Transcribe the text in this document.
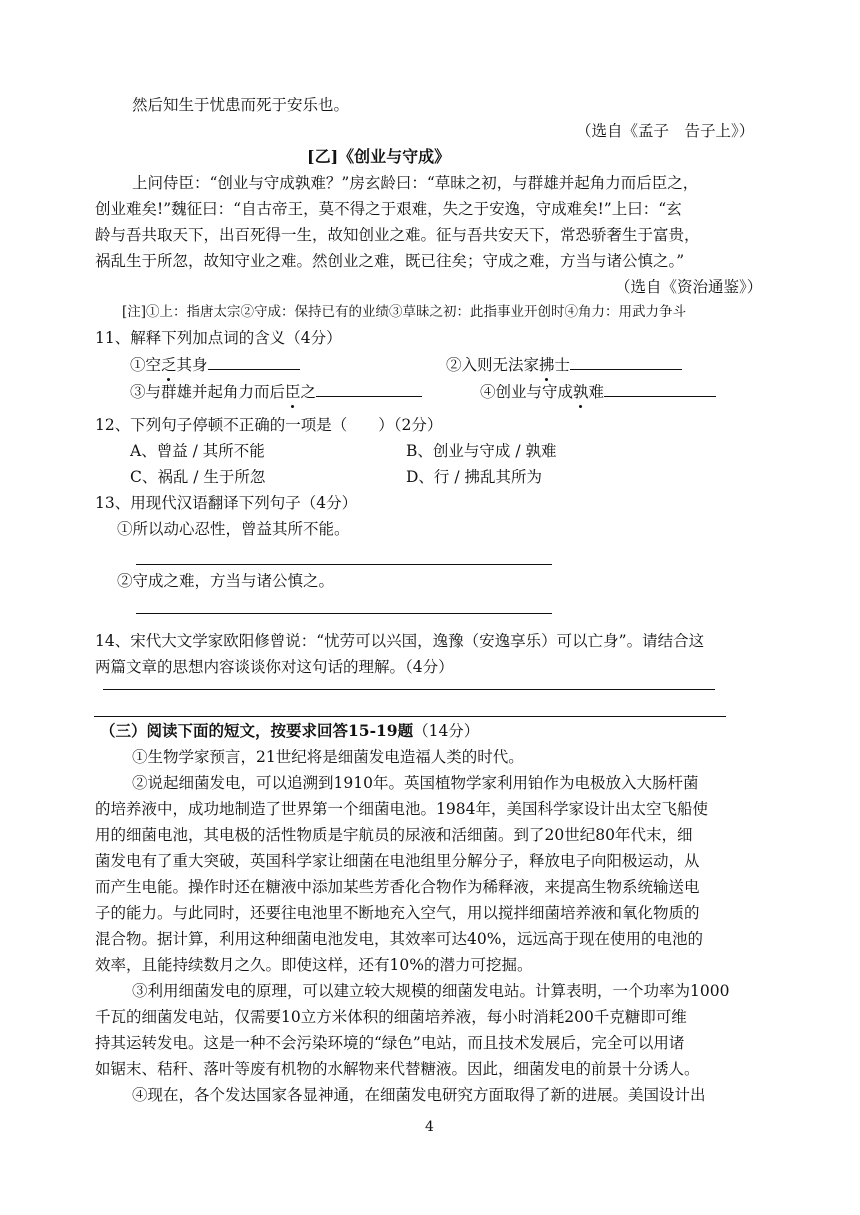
然后知生于忧患而死于安乐也。
（选自《孟子　告子上》）
[乙]《创业与守成》
上问侍臣：“创业与守成孰难？”房玄龄曰：“草昧之初，与群雄并起角力而后臣之，
创业难矣!”魏征曰：“自古帝王，莫不得之于艰难，失之于安逸，守成难矣!”上曰：“玄
龄与吾共取天下，出百死得一生，故知创业之难。征与吾共安天下，常恐骄奢生于富贵，
祸乱生于所忽，故知守业之难。然创业之难，既已往矣；守成之难，方当与诸公慎之。”
（选自《资治通鉴》）
[注]①上：指唐太宗②守成：保持已有的业绩③草昧之初：此指事业开创时④角力：用武力争斗
11、解释下列加点词的含义（4分）
①空乏其身	②入则无法家拂士
③与群雄并起角力而后臣之	④创业与守成孰难
12、下列句子停顿不正确的一项是（　　）（2分）
A、曾益 / 其所不能	B、创业与守成 / 孰难
C、祸乱 / 生于所忽	D、行 / 拂乱其所为
13、用现代汉语翻译下列句子（4分）
①所以动心忍性，曾益其所不能。
②守成之难，方当与诸公慎之。
14、宋代大文学家欧阳修曾说：“忧劳可以兴国，逸豫（安逸享乐）可以亡身”。请结合这
两篇文章的思想内容谈谈你对这句话的理解。（4分）
（三）阅读下面的短文，按要求回答15-19题（14分）
①生物学家预言，21世纪将是细菌发电造福人类的时代。
②说起细菌发电，可以追溯到1910年。英国植物学家利用铂作为电极放入大肠杆菌
的培养液中，成功地制造了世界第一个细菌电池。1984年，美国科学家设计出太空飞船使
用的细菌电池，其电极的活性物质是宇航员的尿液和活细菌。到了20世纪80年代末，细
菌发电有了重大突破，英国科学家让细菌在电池组里分解分子，释放电子向阳极运动，从
而产生电能。操作时还在糖液中添加某些芳香化合物作为稀释液，来提高生物系统输送电
子的能力。与此同时，还要往电池里不断地充入空气，用以搅拌细菌培养液和氧化物质的
混合物。据计算，利用这种细菌电池发电，其效率可达40%，远远高于现在使用的电池的
效率，且能持续数月之久。即使这样，还有10%的潜力可挖掘。
③利用细菌发电的原理，可以建立较大规模的细菌发电站。计算表明，一个功率为1000
千瓦的细菌发电站，仅需要10立方米体积的细菌培养液，每小时消耗200千克糖即可维
持其运转发电。这是一种不会污染环境的“绿色”电站，而且技术发展后，完全可以用诸
如锯末、秸秆、落叶等废有机物的水解物来代替糖液。因此，细菌发电的前景十分诱人。
④现在，各个发达国家各显神通，在细菌发电研究方面取得了新的进展。美国设计出
4
